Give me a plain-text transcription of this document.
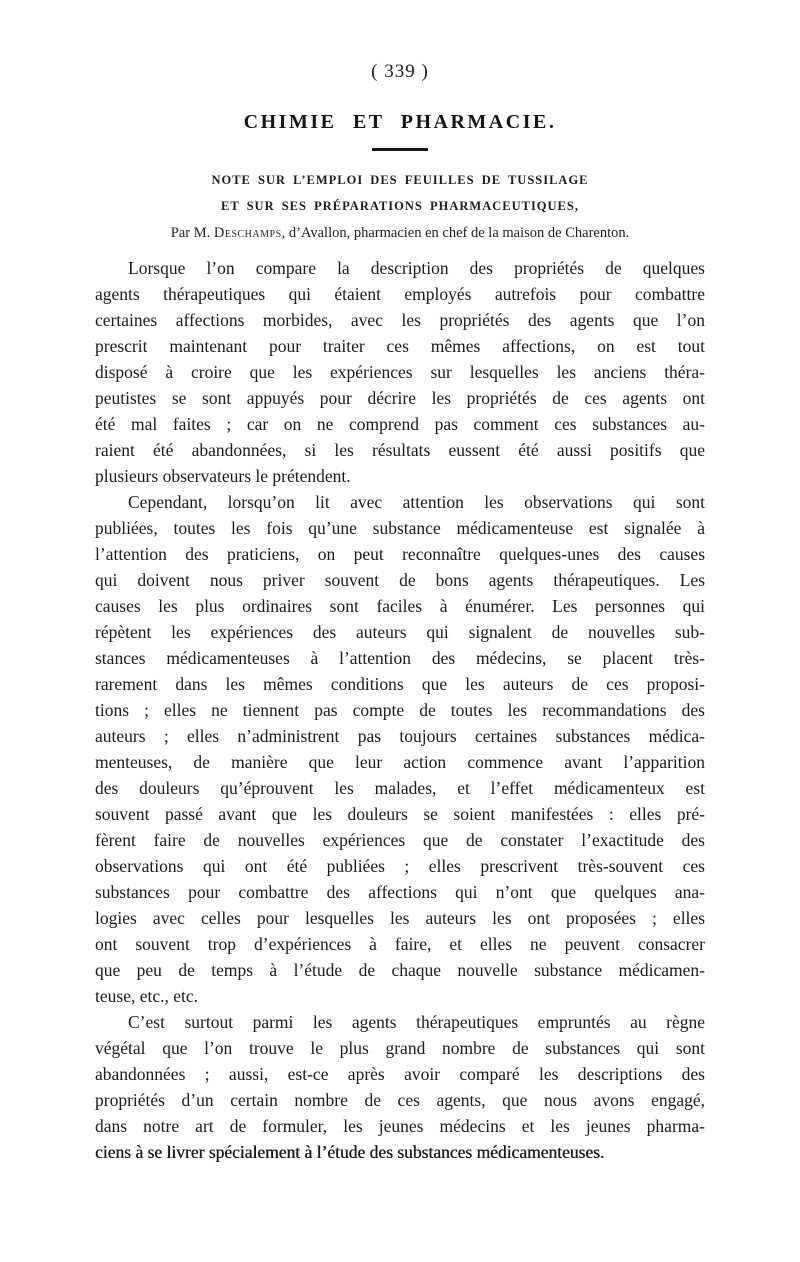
( 339 )
CHIMIE ET PHARMACIE.
NOTE SUR L’EMPLOI DES FEUILLES DE TUSSILAGE
ET SUR SES PRÉPARATIONS PHARMACEUTIQUES,
Par M. Deschamps, d’Avallon, pharmacien en chef de la maison de Charenton.
Lorsque l’on compare la description des propriétés de quelques
agents thérapeutiques qui étaient employés autrefois pour combattre
certaines affections morbides, avec les propriétés des agents que l’on
prescrit maintenant pour traiter ces mêmes affections, on est tout
disposé à croire que les expériences sur lesquelles les anciens théra-
peutistes se sont appuyés pour décrire les propriétés de ces agents ont
été mal faites ; car on ne comprend pas comment ces substances au-
raient été abandonnées, si les résultats eussent été aussi positifs que
plusieurs observateurs le prétendent.
Cependant, lorsqu’on lit avec attention les observations qui sont
publiées, toutes les fois qu’une substance médicamenteuse est signalée à
l’attention des praticiens, on peut reconnaître quelques-unes des causes
qui doivent nous priver souvent de bons agents thérapeutiques. Les
causes les plus ordinaires sont faciles à énumérer. Les personnes qui
répètent les expériences des auteurs qui signalent de nouvelles sub-
stances médicamenteuses à l’attention des médecins, se placent très-
rarement dans les mêmes conditions que les auteurs de ces proposi-
tions ; elles ne tiennent pas compte de toutes les recommandations des
auteurs ; elles n’administrent pas toujours certaines substances médica-
menteuses, de manière que leur action commence avant l’apparition
des douleurs qu’éprouvent les malades, et l’effet médicamenteux est
souvent passé avant que les douleurs se soient manifestées : elles pré-
fèrent faire de nouvelles expériences que de constater l’exactitude des
observations qui ont été publiées ; elles prescrivent très-souvent ces
substances pour combattre des affections qui n’ont que quelques ana-
logies avec celles pour lesquelles les auteurs les ont proposées ; elles
ont souvent trop d’expériences à faire, et elles ne peuvent consacrer
que peu de temps à l’étude de chaque nouvelle substance médicamen-
teuse, etc., etc.
C’est surtout parmi les agents thérapeutiques empruntés au règne
végétal que l’on trouve le plus grand nombre de substances qui sont
abandonnées ; aussi, est-ce après avoir comparé les descriptions des
propriétés d’un certain nombre de ces agents, que nous avons engagé,
dans notre art de formuler, les jeunes médecins et les jeunes pharma-
ciens à se livrer spécialement à l’étude des substances médicamenteuses.
